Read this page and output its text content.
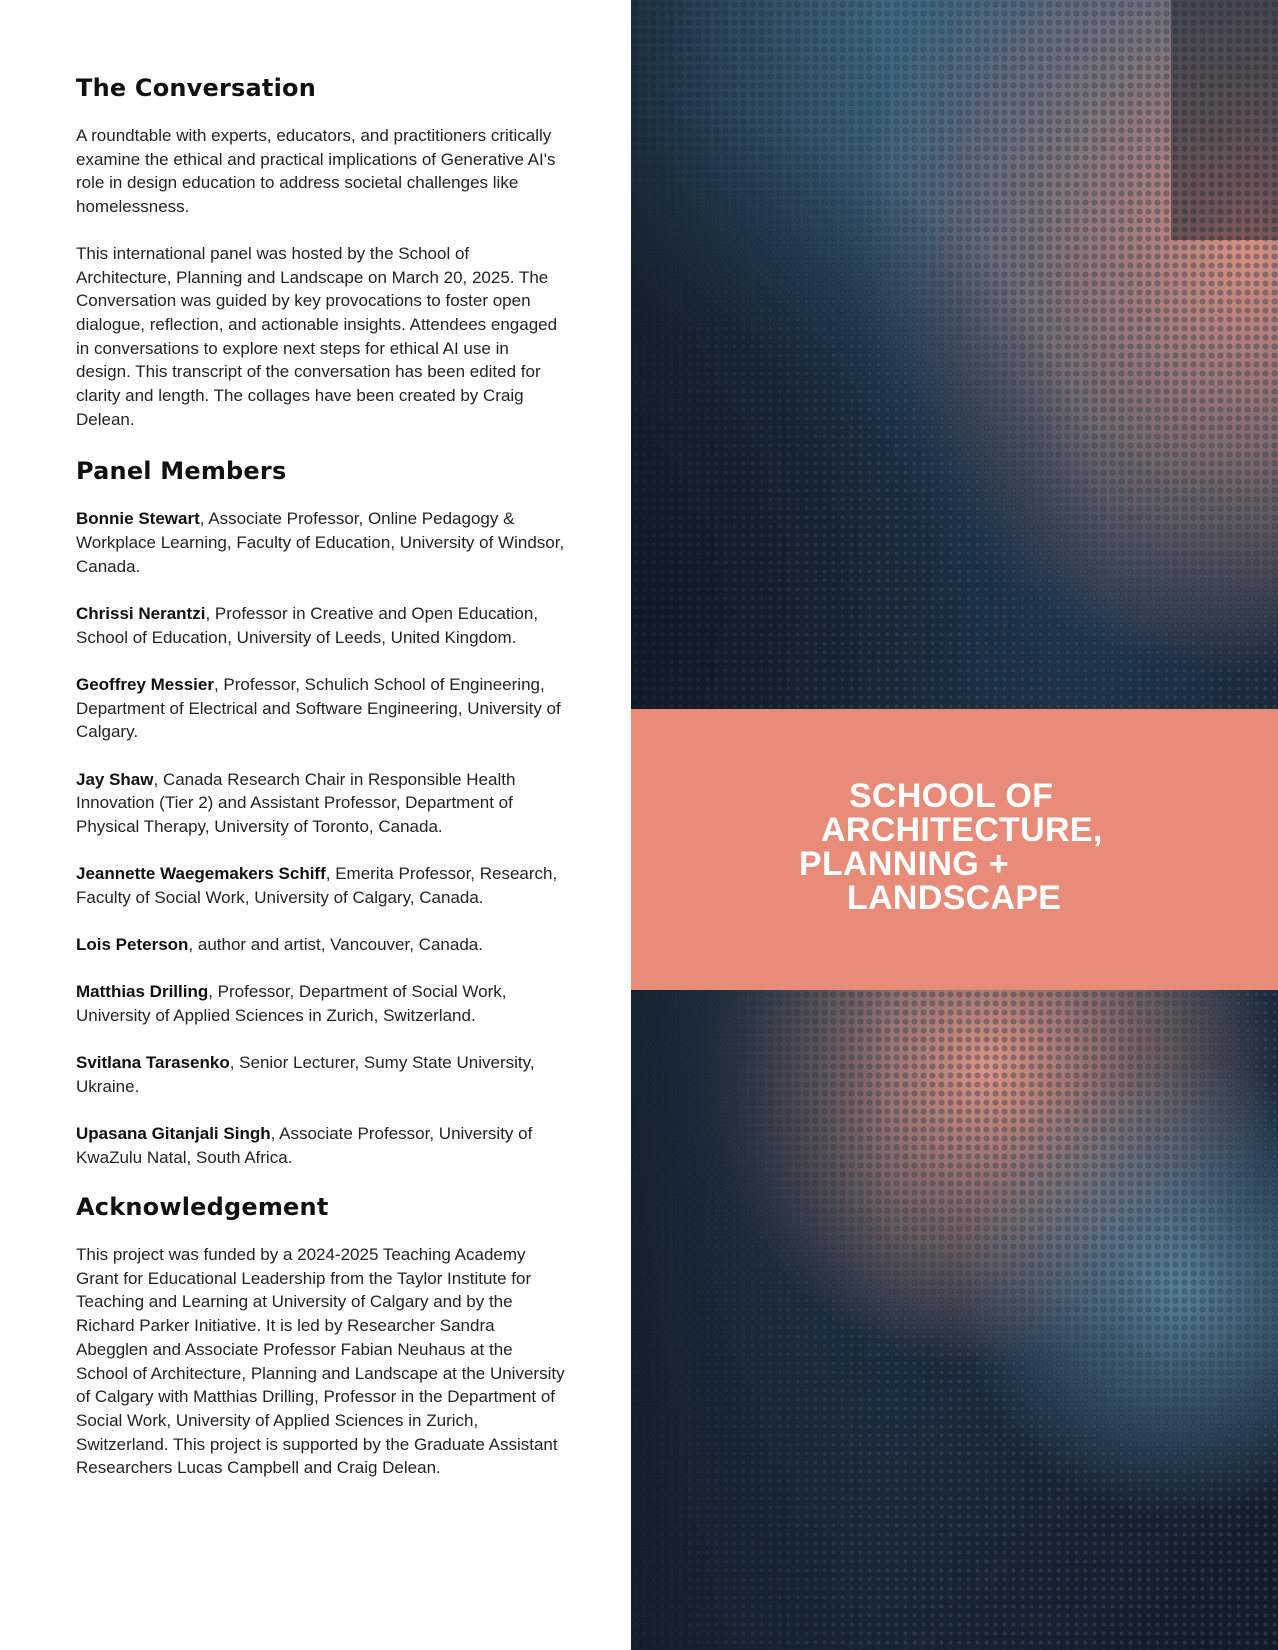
The Conversation

A roundtable with experts, educators, and practitioners critically examine the ethical and practical implications of Generative AI's role in design education to address societal challenges like homelessness.

This international panel was hosted by the School of Architecture, Planning and Landscape on March 20, 2025. The Conversation was guided by key provocations to foster open dialogue, reflection, and actionable insights. Attendees engaged in conversations to explore next steps for ethical AI use in design. This transcript of the conversation has been edited for clarity and length. The collages have been created by Craig Delean.

Panel Members

Bonnie Stewart, Associate Professor, Online Pedagogy & Workplace Learning, Faculty of Education, University of Windsor, Canada.

Chrissi Nerantzi, Professor in Creative and Open Education, School of Education, University of Leeds, United Kingdom.

Geoffrey Messier, Professor, Schulich School of Engineering, Department of Electrical and Software Engineering, University of Calgary.

Jay Shaw, Canada Research Chair in Responsible Health Innovation (Tier 2) and Assistant Professor, Department of Physical Therapy, University of Toronto, Canada.

Jeannette Waegemakers Schiff, Emerita Professor, Research, Faculty of Social Work, University of Calgary, Canada.

Lois Peterson, author and artist, Vancouver, Canada.

Matthias Drilling, Professor, Department of Social Work, University of Applied Sciences in Zurich, Switzerland.

Svitlana Tarasenko, Senior Lecturer, Sumy State University, Ukraine.

Upasana Gitanjali Singh, Associate Professor, University of KwaZulu Natal, South Africa.

Acknowledgement

This project was funded by a 2024-2025 Teaching Academy Grant for Educational Leadership from the Taylor Institute for Teaching and Learning at University of Calgary and by the Richard Parker Initiative. It is led by Researcher Sandra Abegglen and Associate Professor Fabian Neuhaus at the School of Architecture, Planning and Landscape at the University of Calgary with Matthias Drilling, Professor in the Department of Social Work, University of Applied Sciences in Zurich, Switzerland. This project is supported by the Graduate Assistant Researchers Lucas Campbell and Craig Delean.

SCHOOL OF
ARCHITECTURE,
PLANNING +
LANDSCAPE
